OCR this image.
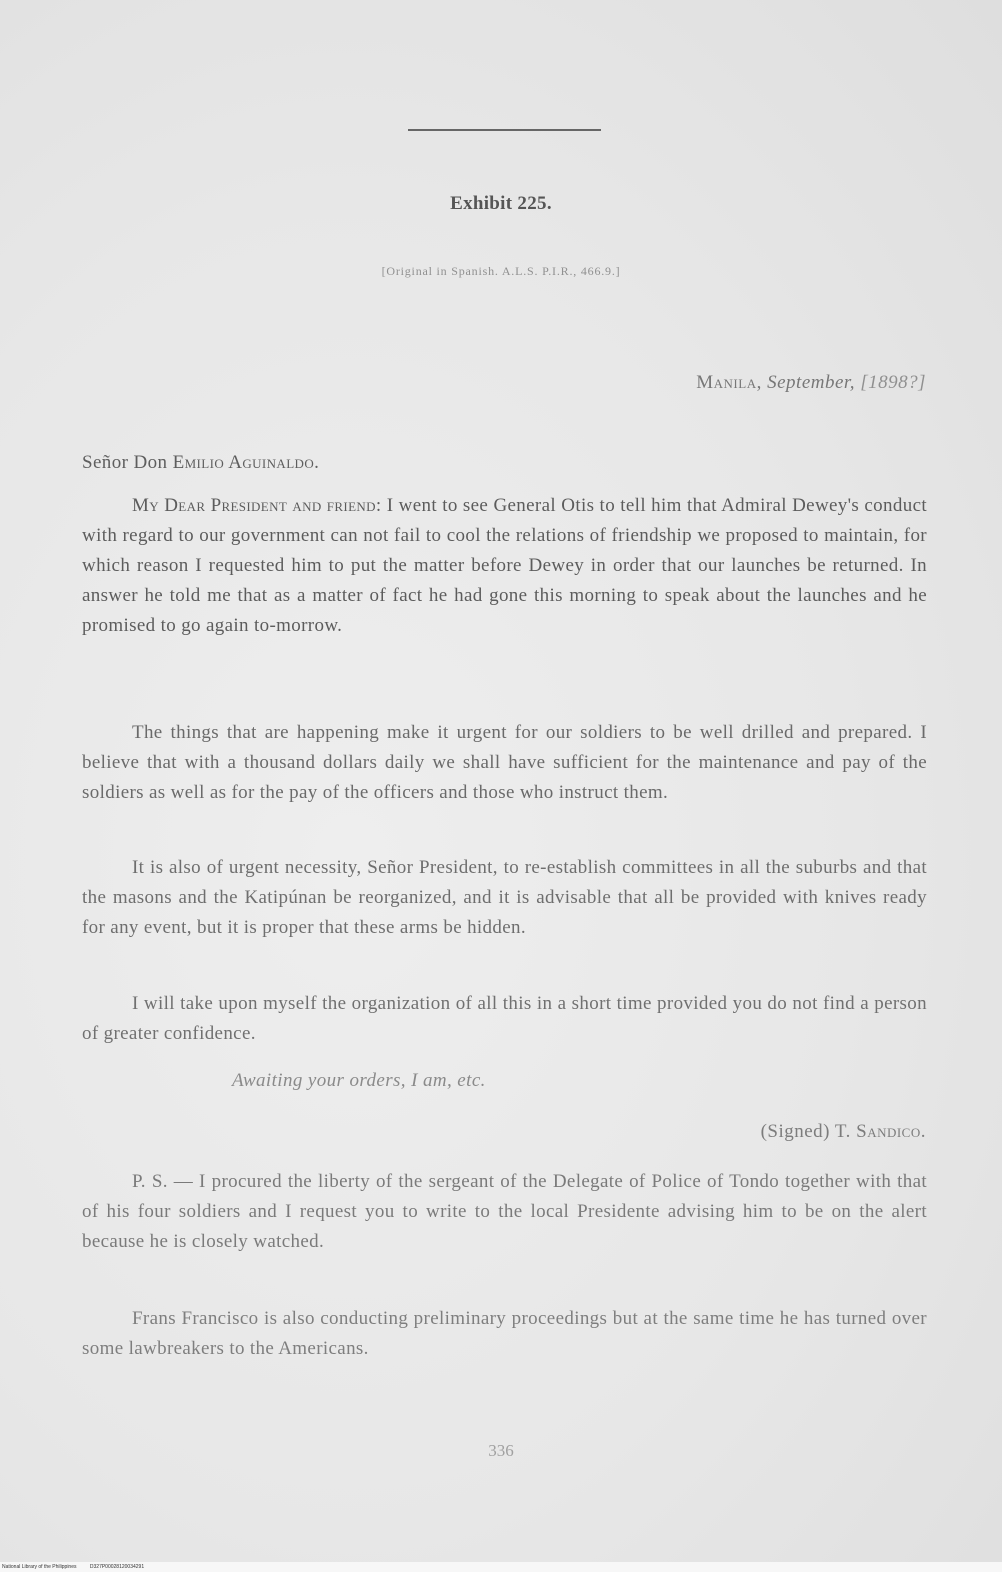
Exhibit 225.
[Original in Spanish. A.L.S. P.I.R., 466.9.]
Manila, September, [1898?]
Señor Don Emilio Aguinaldo.

My Dear President and friend: I went to see General Otis to tell him that Admiral Dewey's conduct with regard to our government can not fail to cool the relations of friendship we proposed to maintain, for which reason I requested him to put the matter before Dewey in order that our launches be returned. In answer he told me that as a matter of fact he had gone this morning to speak about the launches and he promised to go again to-morrow.

The things that are happening make it urgent for our soldiers to be well drilled and prepared. I believe that with a thousand dollars daily we shall have sufficient for the maintenance and pay of the soldiers as well as for the pay of the officers and those who instruct them.

It is also of urgent necessity, Señor President, to re-establish committees in all the suburbs and that the masons and the Katipúnan be reorganized, and it is advisable that all be provided with knives ready for any event, but it is proper that these arms be hidden.

I will take upon myself the organization of all this in a short time provided you do not find a person of greater confidence.

Awaiting your orders, I am, etc.
(Signed) T. Sandico.

P. S. — I procured the liberty of the sergeant of the Delegate of Police of Tondo together with that of his four soldiers and I request you to write to the local Presidente advising him to be on the alert because he is closely watched.

Frans Francisco is also conducting preliminary proceedings but at the same time he has turned over some lawbreakers to the Americans.

336
National Library of the Philippines	D327P00028120034291
